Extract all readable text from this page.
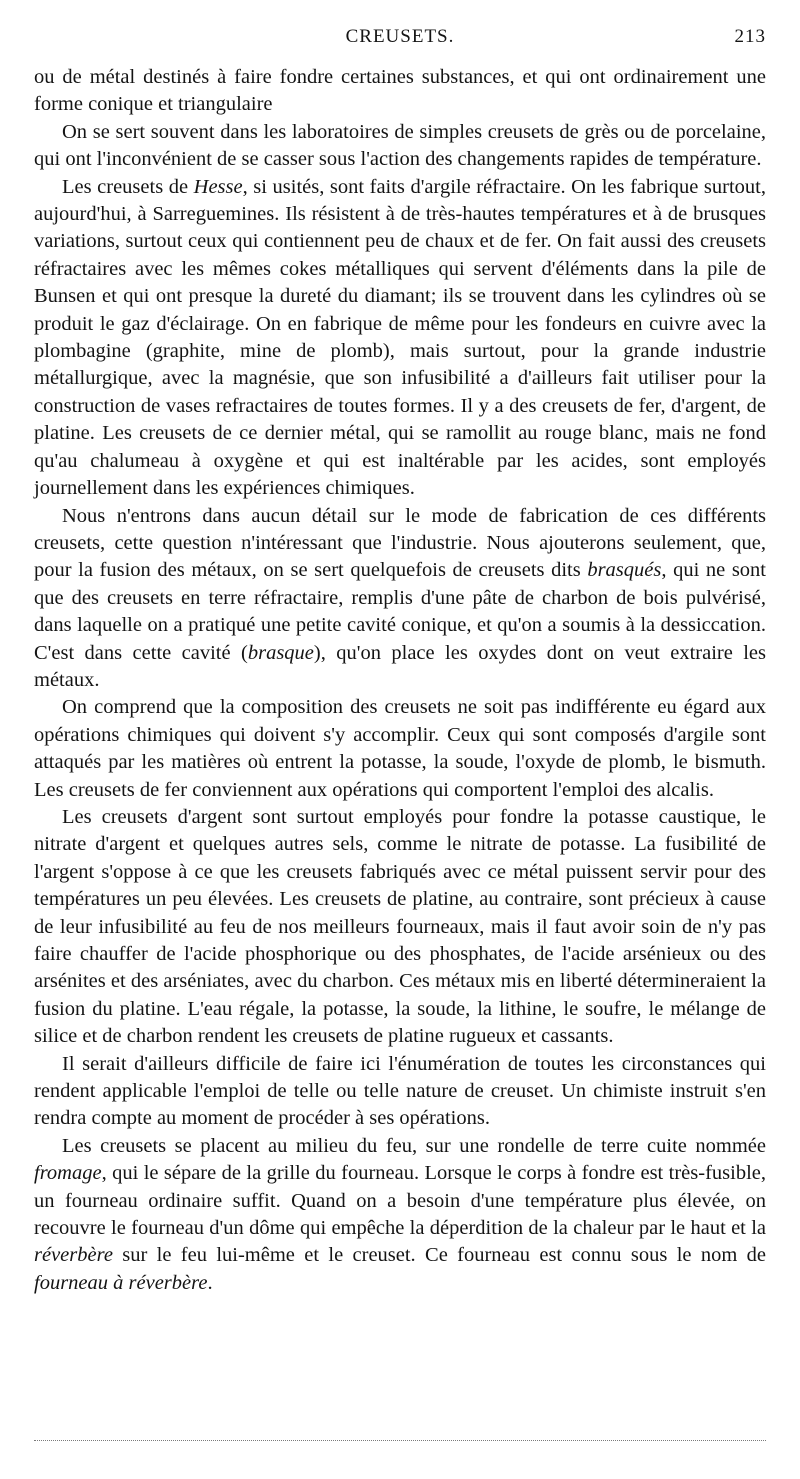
CREUSETS.	213

ou de métal destinés à faire fondre certaines substances, et qui ont ordinairement une forme conique et triangulaire

On se sert souvent dans les laboratoires de simples creusets de grès ou de porcelaine, qui ont l'inconvénient de se casser sous l'action des changements rapides de température.

Les creusets de Hesse, si usités, sont faits d'argile réfractaire. On les fabrique surtout, aujourd'hui, à Sarreguemines. Ils résistent à de très-hautes températures et à de brusques variations, surtout ceux qui contiennent peu de chaux et de fer. On fait aussi des creusets réfractaires avec les mêmes cokes métalliques qui servent d'éléments dans la pile de Bunsen et qui ont presque la dureté du diamant; ils se trouvent dans les cylindres où se produit le gaz d'éclairage. On en fabrique de même pour les fondeurs en cuivre avec la plombagine (graphite, mine de plomb), mais surtout, pour la grande industrie métallurgique, avec la magnésie, que son infusibilité a d'ailleurs fait utiliser pour la construction de vases refractaires de toutes formes. Il y a des creusets de fer, d'argent, de platine. Les creusets de ce dernier métal, qui se ramollit au rouge blanc, mais ne fond qu'au chalumeau à oxygène et qui est inaltérable par les acides, sont employés journellement dans les expériences chimiques.

Nous n'entrons dans aucun détail sur le mode de fabrication de ces différents creusets, cette question n'intéressant que l'industrie. Nous ajouterons seulement, que, pour la fusion des métaux, on se sert quelquefois de creusets dits brasqués, qui ne sont que des creusets en terre réfractaire, remplis d'une pâte de charbon de bois pulvérisé, dans laquelle on a pratiqué une petite cavité conique, et qu'on a soumis à la dessiccation. C'est dans cette cavité (brasque), qu'on place les oxydes dont on veut extraire les métaux.

On comprend que la composition des creusets ne soit pas indifférente eu égard aux opérations chimiques qui doivent s'y accomplir. Ceux qui sont composés d'argile sont attaqués par les matières où entrent la potasse, la soude, l'oxyde de plomb, le bismuth. Les creusets de fer conviennent aux opérations qui comportent l'emploi des alcalis.

Les creusets d'argent sont surtout employés pour fondre la potasse caustique, le nitrate d'argent et quelques autres sels, comme le nitrate de potasse. La fusibilité de l'argent s'oppose à ce que les creusets fabriqués avec ce métal puissent servir pour des températures un peu élevées. Les creusets de platine, au contraire, sont précieux à cause de leur infusibilité au feu de nos meilleurs fourneaux, mais il faut avoir soin de n'y pas faire chauffer de l'acide phosphorique ou des phosphates, de l'acide arsénieux ou des arsénites et des arséniates, avec du charbon. Ces métaux mis en liberté détermineraient la fusion du platine. L'eau régale, la potasse, la soude, la lithine, le soufre, le mélange de silice et de charbon rendent les creusets de platine rugueux et cassants.

Il serait d'ailleurs difficile de faire ici l'énumération de toutes les circonstances qui rendent applicable l'emploi de telle ou telle nature de creuset. Un chimiste instruit s'en rendra compte au moment de procéder à ses opérations.

Les creusets se placent au milieu du feu, sur une rondelle de terre cuite nommée fromage, qui le sépare de la grille du fourneau. Lorsque le corps à fondre est très-fusible, un fourneau ordinaire suffit. Quand on a besoin d'une température plus élevée, on recouvre le fourneau d'un dôme qui empêche la déperdition de la chaleur par le haut et la réverbère sur le feu lui-même et le creuset. Ce fourneau est connu sous le nom de fourneau à réverbère.
